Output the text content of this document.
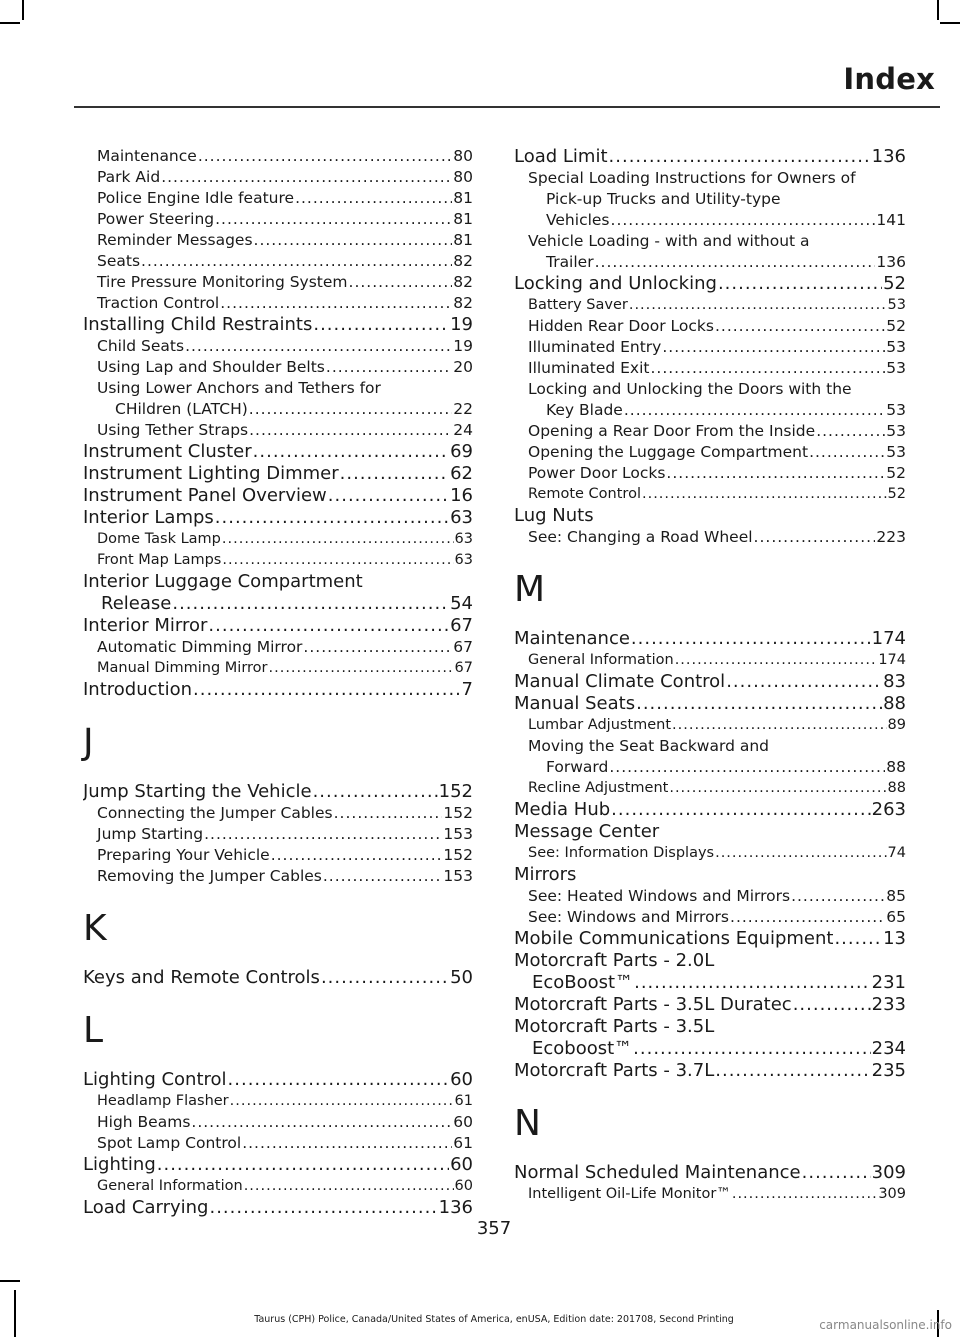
Index
Maintenance .....	80
Park Aid .....	80
Police Engine Idle feature .....	81
Power Steering .....	81
Reminder Messages .....	81
Seats .....	82
Tire Pressure Monitoring System .....	82
Traction Control .....	82
Installing Child Restraints .....	19
Child Seats .....	19
Using Lap and Shoulder Belts .....	20
Using Lower Anchors and Tethers for
CHildren (LATCH) .....	22
Using Tether Straps .....	24
Instrument Cluster .....	69
Instrument Lighting Dimmer .....	62
Instrument Panel Overview .....	16
Interior Lamps .....	63
Dome Task Lamp .....	63
Front Map Lamps .....	63
Interior Luggage Compartment
Release .....	54
Interior Mirror .....	67
Automatic Dimming Mirror .....	67
Manual Dimming Mirror .....	67
Introduction .....	7
J
Jump Starting the Vehicle .....	152
Connecting the Jumper Cables .....	152
Jump Starting .....	153
Preparing Your Vehicle .....	152
Removing the Jumper Cables .....	153
K
Keys and Remote Controls .....	50
L
Lighting Control .....	60
Headlamp Flasher .....	61
High Beams .....	60
Spot Lamp Control .....	61
Lighting .....	60
General Information .....	60
Load Carrying .....	136
Load Limit .....	136
Special Loading Instructions for Owners of
Pick-up Trucks and Utility-type
Vehicles .....	141
Vehicle Loading - with and without a
Trailer .....	136
Locking and Unlocking .....	52
Battery Saver .....	53
Hidden Rear Door Locks .....	52
Illuminated Entry .....	53
Illuminated Exit .....	53
Locking and Unlocking the Doors with the
Key Blade .....	53
Opening a Rear Door From the Inside .....	53
Opening the Luggage Compartment .....	53
Power Door Locks .....	52
Remote Control .....	52
Lug Nuts
See: Changing a Road Wheel .....	223
M
Maintenance .....	174
General Information .....	174
Manual Climate Control .....	83
Manual Seats .....	88
Lumbar Adjustment .....	89
Moving the Seat Backward and
Forward .....	88
Recline Adjustment .....	88
Media Hub .....	263
Message Center
See: Information Displays .....	74
Mirrors
See: Heated Windows and Mirrors .....	85
See: Windows and Mirrors .....	65
Mobile Communications Equipment .....	13
Motorcraft Parts - 2.0L
EcoBoost™ .....	231
Motorcraft Parts - 3.5L Duratec .....	233
Motorcraft Parts - 3.5L
Ecoboost™ .....	234
Motorcraft Parts - 3.7L .....	235
N
Normal Scheduled Maintenance .....	309
Intelligent Oil-Life Monitor™ .....	309
357
Taurus (CPH) Police, Canada/United States of America, enUSA, Edition date: 201708, Second Printing	carmanualsonline.info
